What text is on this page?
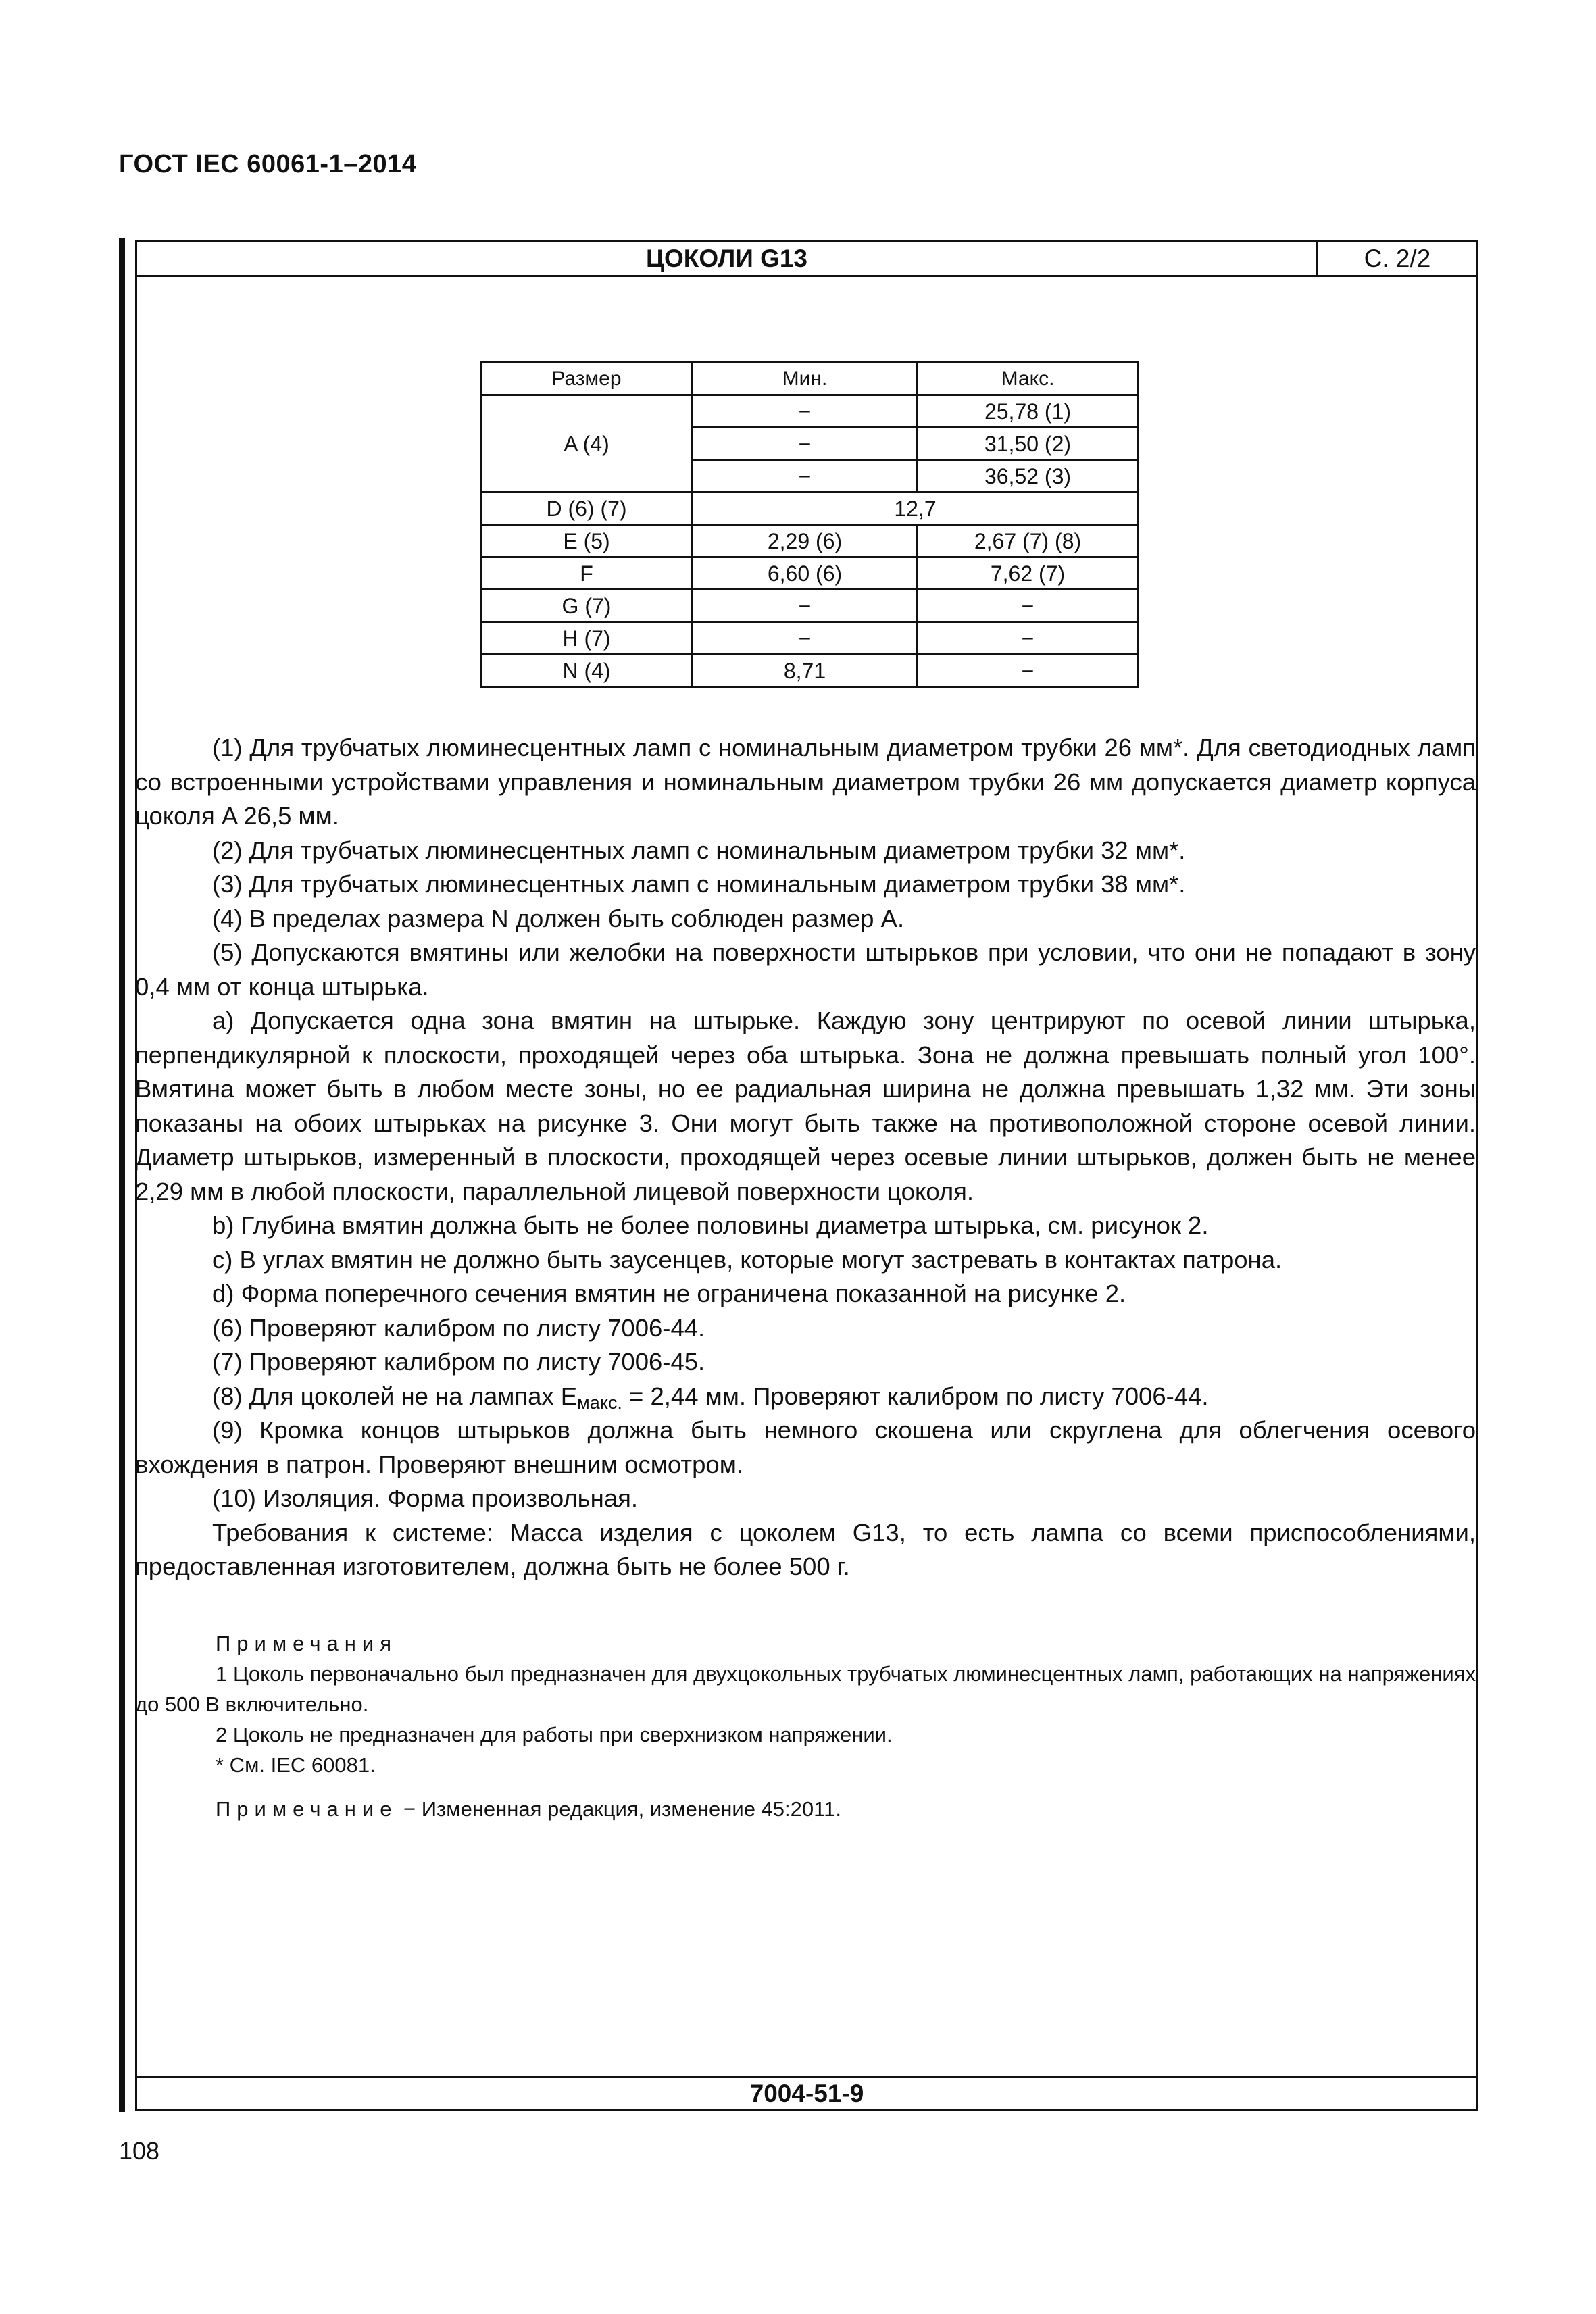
ГОСТ IEC 60061-1–2014
ЦОКОЛИ G13	С. 2/2
Размер	Мин.	Макс.
A (4)	−	25,78 (1)
	−	31,50 (2)
	−	36,52 (3)
D (6) (7)	12,7	
E (5)	2,29 (6)	2,67 (7) (8)
F	6,60 (6)	7,62 (7)
G (7)	−	−
H (7)	−	−
N (4)	8,71	−
7004-51-9

(1) Для трубчатых люминесцентных ламп с номинальным диаметром трубки 26 мм*. Для светодиодных ламп со встроенными устройствами управления и номинальным диаметром трубки 26 мм допускается диаметр корпуса цоколя A 26,5 мм.

(2) Для трубчатых люминесцентных ламп с номинальным диаметром трубки 32 мм*.

(3) Для трубчатых люминесцентных ламп с номинальным диаметром трубки 38 мм*.

(4) В пределах размера N должен быть соблюден размер А.

(5) Допускаются вмятины или желобки на поверхности штырьков при условии, что они не попадают в зону 0,4 мм от конца штырька.

a) Допускается одна зона вмятин на штырьке. Каждую зону центрируют по осевой линии штырька, перпендикулярной к плоскости, проходящей через оба штырька. Зона не должна превышать полный угол 100°. Вмятина может быть в любом месте зоны, но ее радиальная ширина не должна превышать 1,32 мм. Эти зоны показаны на обоих штырьках на рисунке 3. Они могут быть также на противоположной стороне осевой линии. Диаметр штырьков, измеренный в плоскости, проходящей через осевые линии штырьков, должен быть не менее 2,29 мм в любой плоскости, параллельной лицевой поверхности цоколя.

b) Глубина вмятин должна быть не более половины диаметра штырька, см. рисунок 2.

c) В углах вмятин не должно быть заусенцев, которые могут застревать в контактах патрона.

d) Форма поперечного сечения вмятин не ограничена показанной на рисунке 2.

(6) Проверяют калибром по листу 7006-44.

(7) Проверяют калибром по листу 7006-45.

(8) Для цоколей не на лампах $E_{макс.} = 2,44$ мм. Проверяют калибром по листу 7006-44.

(9) Кромка концов штырьков должна быть немного скошена или скруглена для облегчения осевого вхождения в патрон. Проверяют внешним осмотром.

(10) Изоляция. Форма произвольная.

Требования к системе: Масса изделия с цоколем G13, то есть лампа со всеми приспособлениями, предоставленная изготовителем, должна быть не более 500 г.

Примечания

1 Цоколь первоначально был предназначен для двухцокольных трубчатых люминесцентных ламп, работающих на напряжениях до 500 В включительно.

2 Цоколь не предназначен для работы при сверхнизком напряжении.

* См. IEC 60081.

Примечание − Измененная редакция, изменение 45:2011.

108
